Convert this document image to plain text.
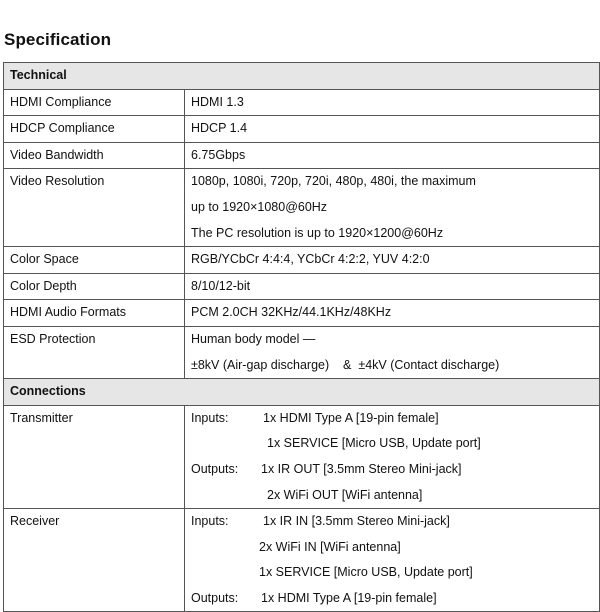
Specification
Technical	
HDMI Compliance	HDMI 1.3

HDCP Compliance	HDCP 1.4

Video Bandwidth	6.75Gbps

Video Resolution	1080p, 1080i, 720p, 720i, 480p, 480i, the maximum
up to 1920×1080@60Hz
The PC resolution is up to 1920×1200@60Hz

Color Space	RGB/YCbCr 4:4:4, YCbCr 4:2:2, YUV 4:2:0

Color Depth	8/10/12-bit

HDMI Audio Formats	PCM 2.0CH 32KHz/44.1KHz/48KHz

ESD Protection	Human body model —
±8kV (Air-gap discharge)    &  ±4kV (Contact discharge)

Connections	
Transmitter	Inputs: 1x HDMI Type A [19-pin female]
1x SERVICE [Micro USB, Update port]
Outputs: 1x IR OUT [3.5mm Stereo Mini-jack]
2x WiFi OUT [WiFi antenna]

Receiver	Inputs: 1x IR IN [3.5mm Stereo Mini-jack]
2x WiFi IN [WiFi antenna]
1x SERVICE [Micro USB, Update port]
Outputs: 1x HDMI Type A [19-pin female]
